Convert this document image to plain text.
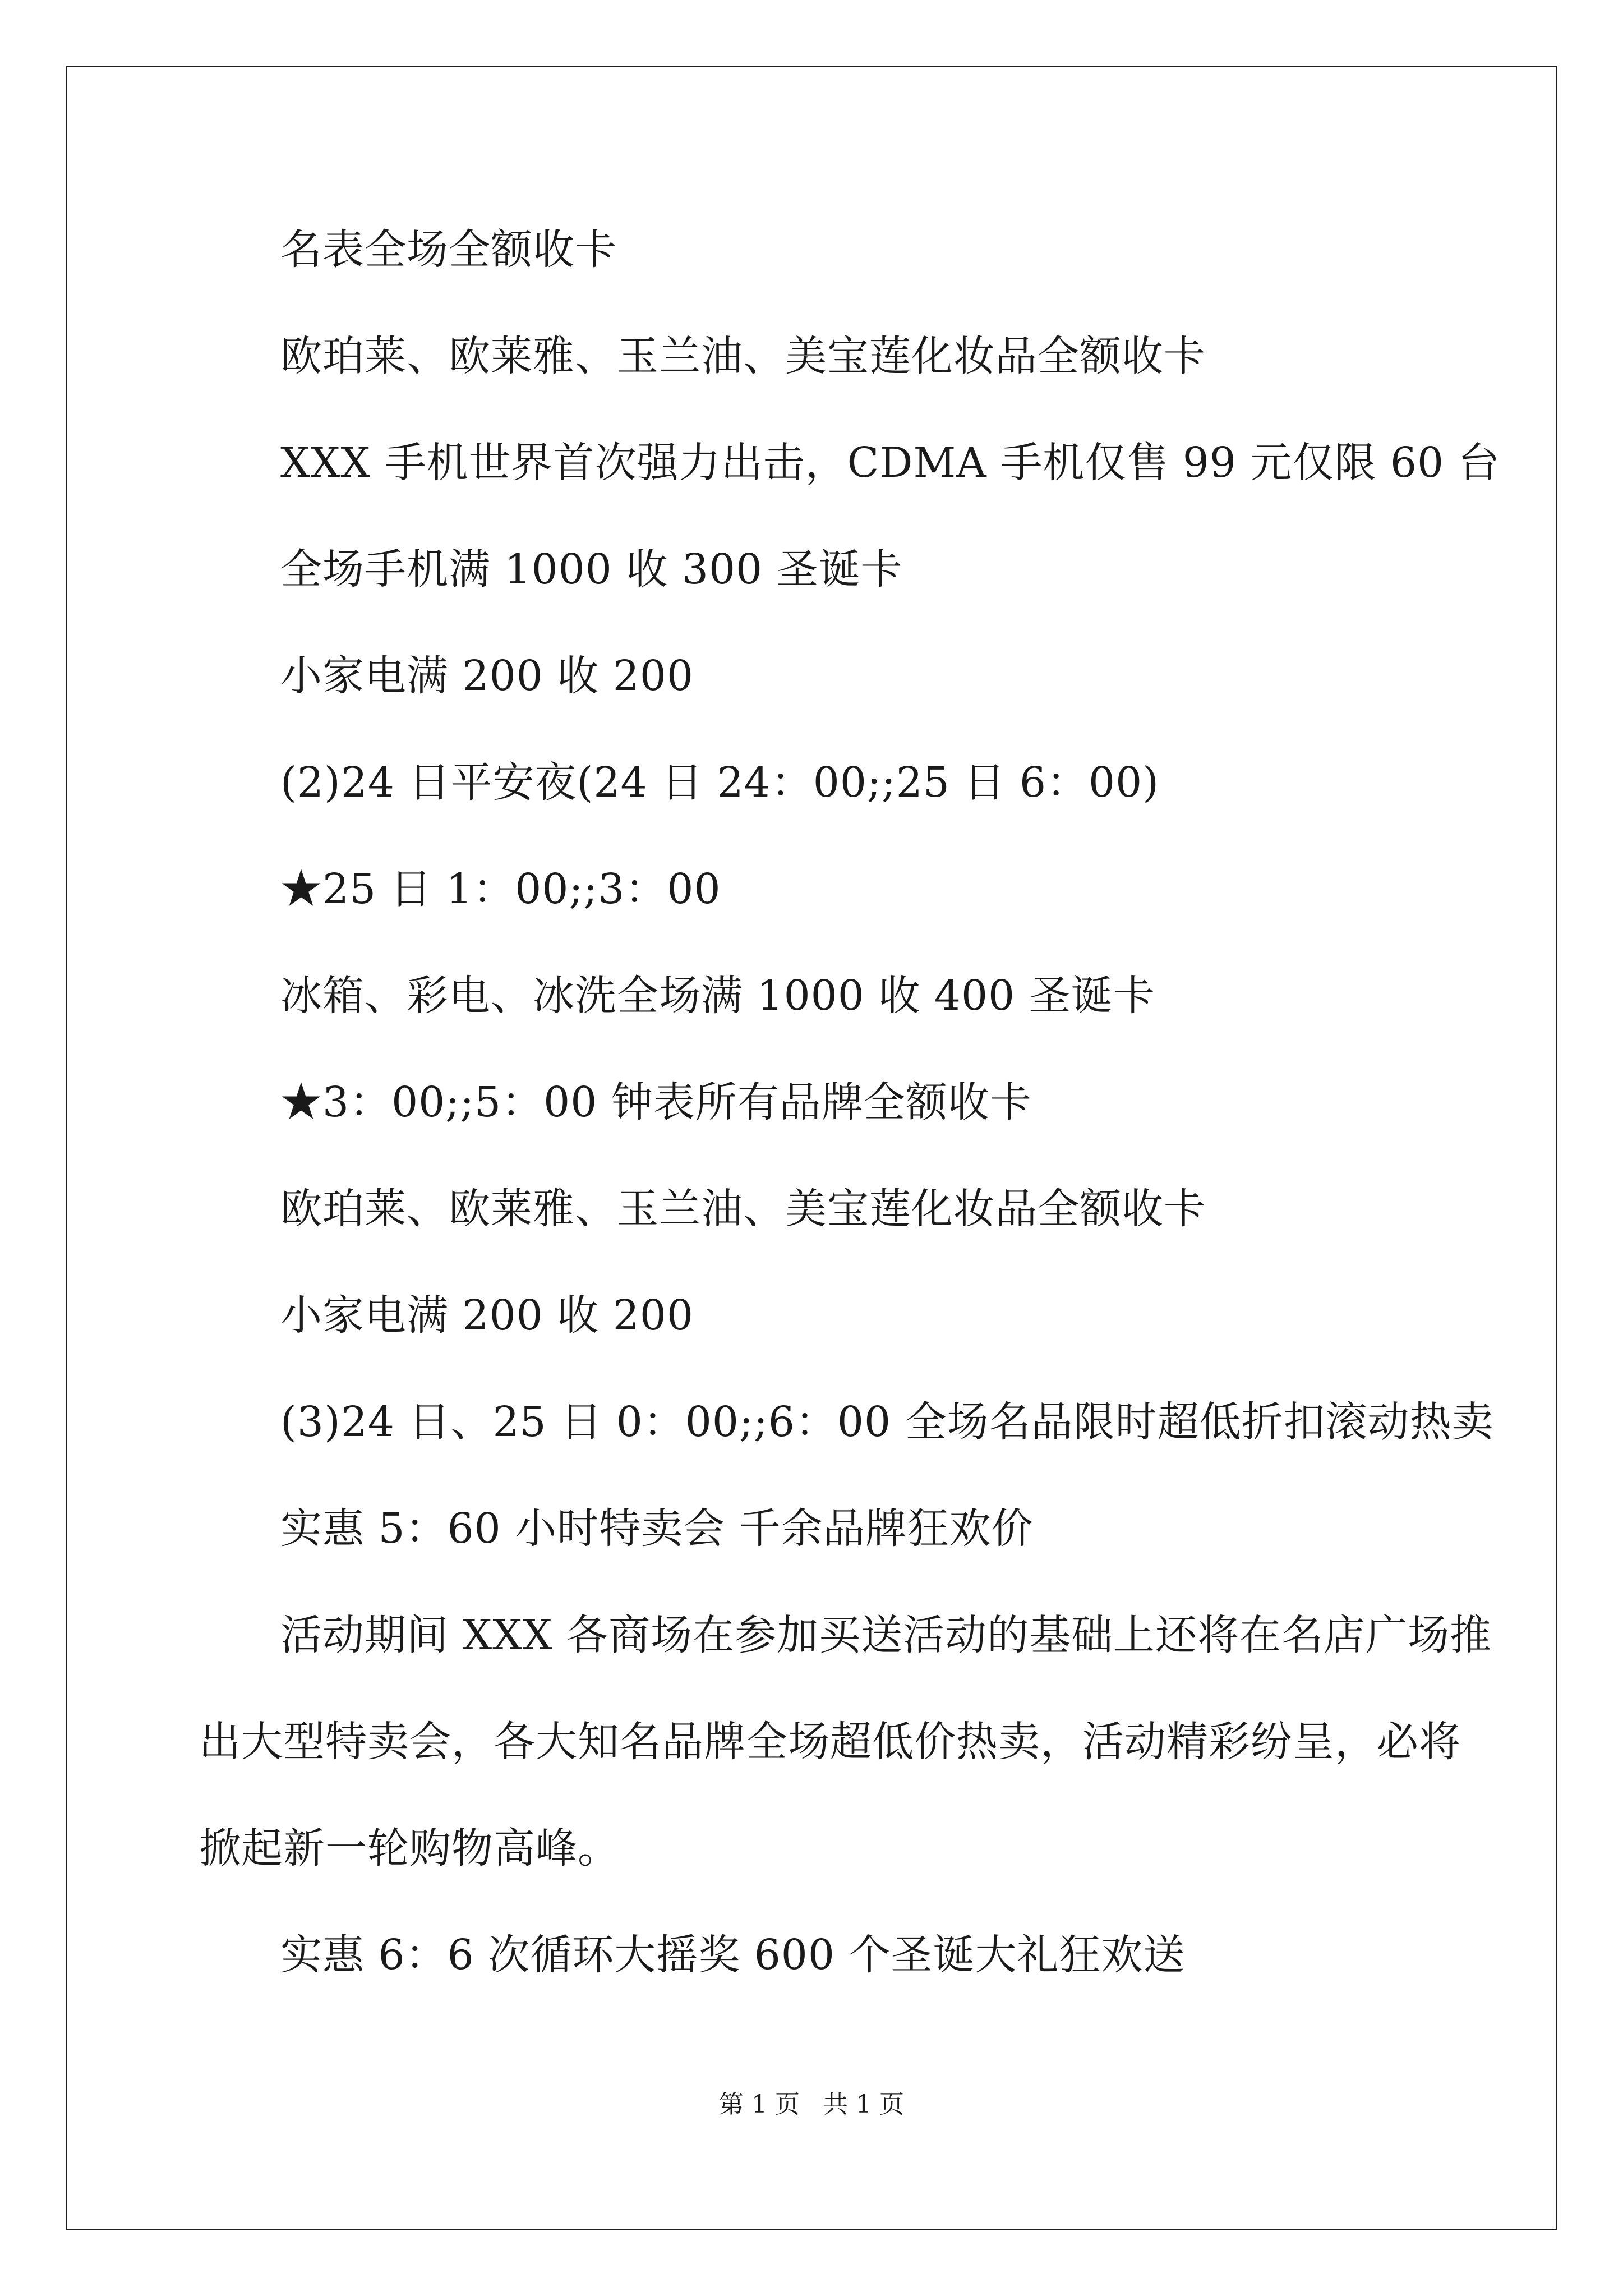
名表全场全额收卡
欧珀莱、欧莱雅、玉兰油、美宝莲化妆品全额收卡
XXX 手机世界首次强力出击，CDMA 手机仅售 99 元仅限 60 台
全场手机满 1000 收 300 圣诞卡
小家电满 200 收 200
(2)24 日平安夜(24 日 24：00;;25 日 6：00)
★25 日 1：00;;3：00
冰箱、彩电、冰洗全场满 1000 收 400 圣诞卡
★3：00;;5：00 钟表所有品牌全额收卡
欧珀莱、欧莱雅、玉兰油、美宝莲化妆品全额收卡
小家电满 200 收 200
(3)24 日、25 日 0：00;;6：00 全场名品限时超低折扣滚动热卖
实惠 5：60 小时特卖会 千余品牌狂欢价
活动期间 XXX 各商场在参加买送活动的基础上还将在名店广场推
出大型特卖会，各大知名品牌全场超低价热卖，活动精彩纷呈，必将
掀起新一轮购物高峰。
实惠 6：6 次循环大摇奖 600 个圣诞大礼狂欢送
第 1 页   共 1 页
